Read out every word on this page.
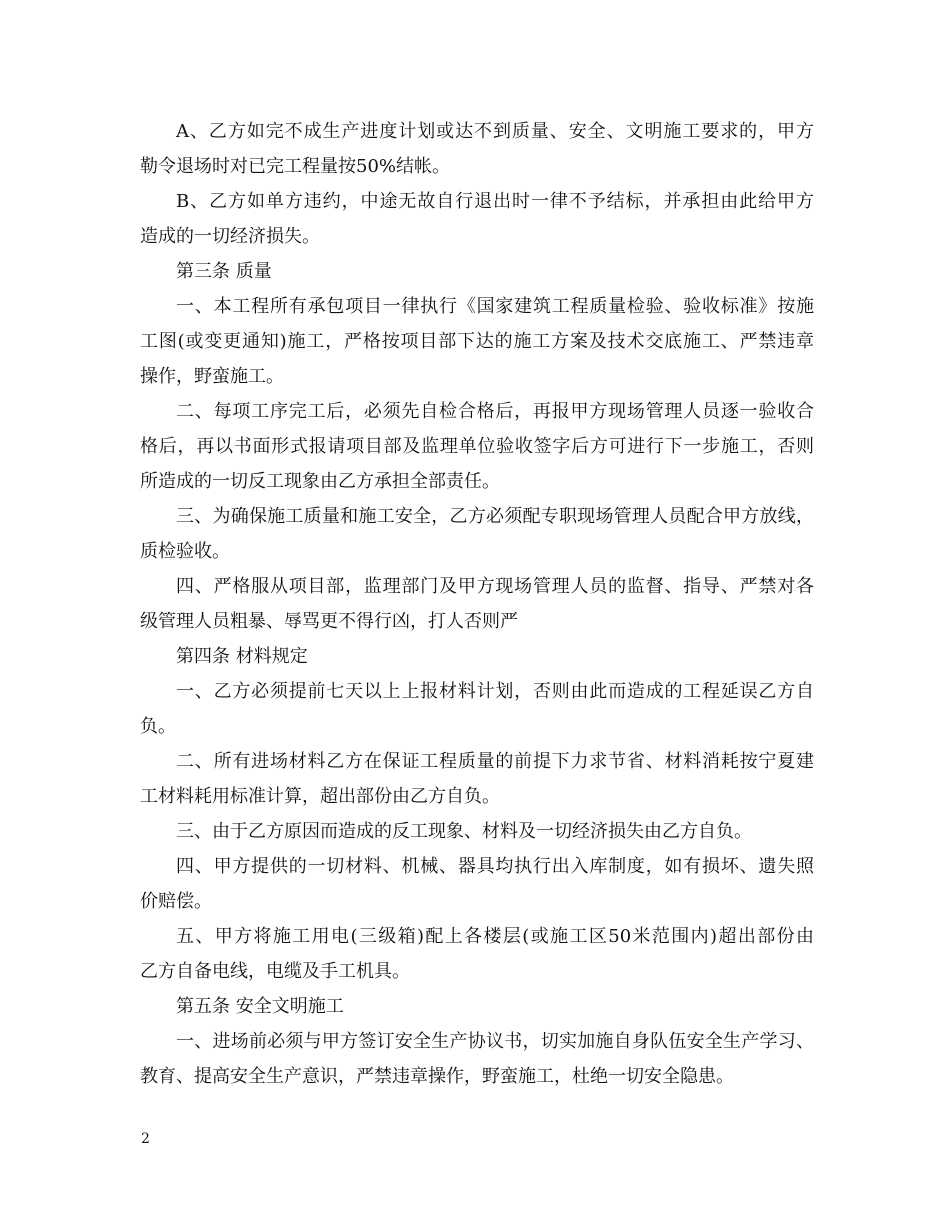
A、乙方如完不成生产进度计划或达不到质量、安全、文明施工要求的，甲方
勒令退场时对已完工程量按50%结帐。
B、乙方如单方违约，中途无故自行退出时一律不予结标，并承担由此给甲方
造成的一切经济损失。
第三条 质量
一、本工程所有承包项目一律执行《国家建筑工程质量检验、验收标准》按施
工图(或变更通知)施工，严格按项目部下达的施工方案及技术交底施工、严禁违章
操作，野蛮施工。
二、每项工序完工后，必须先自检合格后，再报甲方现场管理人员逐一验收合
格后，再以书面形式报请项目部及监理单位验收签字后方可进行下一步施工，否则
所造成的一切反工现象由乙方承担全部责任。
三、为确保施工质量和施工安全，乙方必须配专职现场管理人员配合甲方放线，
质检验收。
四、严格服从项目部，监理部门及甲方现场管理人员的监督、指导、严禁对各
级管理人员粗暴、辱骂更不得行凶，打人否则严
第四条 材料规定
一、乙方必须提前七天以上上报材料计划，否则由此而造成的工程延误乙方自
负。
二、所有进场材料乙方在保证工程质量的前提下力求节省、材料消耗按宁夏建
工材料耗用标准计算，超出部份由乙方自负。
三、由于乙方原因而造成的反工现象、材料及一切经济损失由乙方自负。
四、甲方提供的一切材料、机械、器具均执行出入库制度，如有损坏、遗失照
价赔偿。
五、甲方将施工用电(三级箱)配上各楼层(或施工区50米范围内)超出部份由
乙方自备电线，电缆及手工机具。
第五条 安全文明施工
一、进场前必须与甲方签订安全生产协议书，切实加施自身队伍安全生产学习、
教育、提高安全生产意识，严禁违章操作，野蛮施工，杜绝一切安全隐患。
2
